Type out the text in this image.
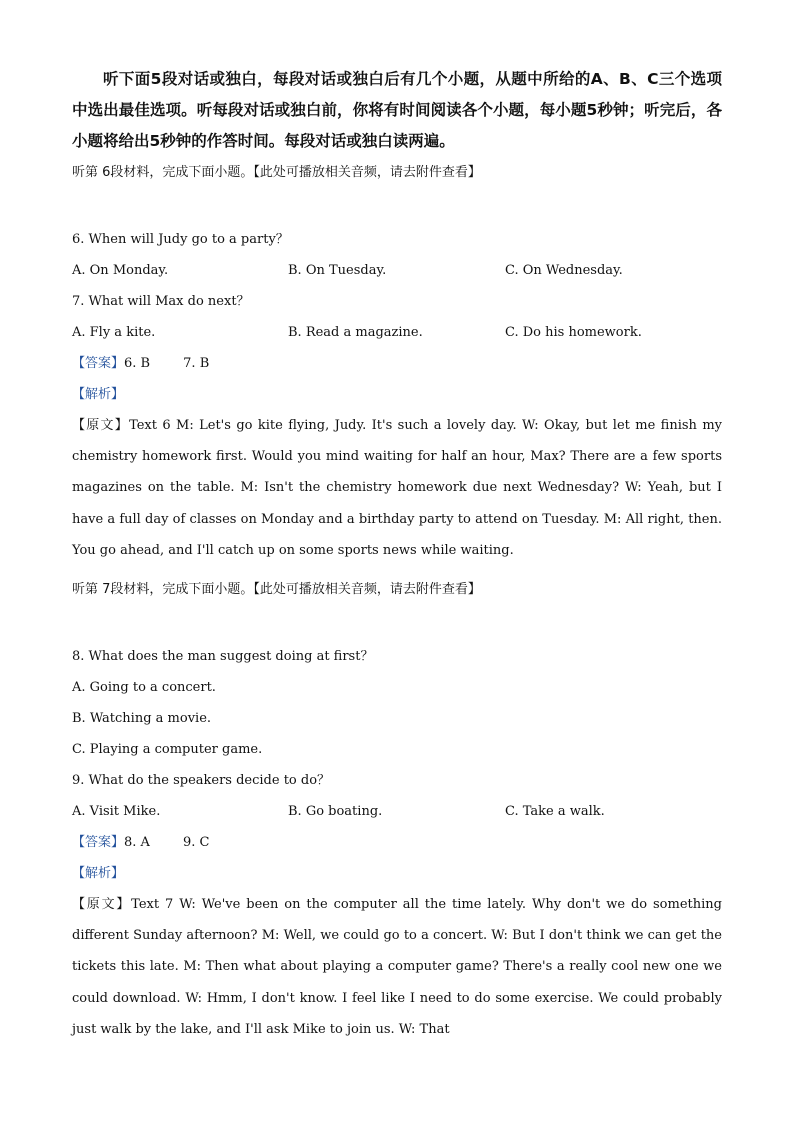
听下面5段对话或独白，每段对话或独白后有几个小题，从题中所给的A、B、C三个选项中选出最佳选项。听每段对话或独白前，你将有时间阅读各个小题，每小题5秒钟；听完后，各小题将给出5秒钟的作答时间。每段对话或独白读两遍。

听第 6段材料，完成下面小题。【此处可播放相关音频，请去附件查看】
6. When will Judy go to a party？
A. On Monday.	B. On Tuesday.	C. On Wednesday.
7. What will Max do next？
A. Fly a kite.	B. Read a magazine.	C. Do his homework.
【答案】6. B        7. B
【解析】

【原文】Text 6 M: Let's go kite flying, Judy. It's such a lovely day. W: Okay, but let me finish my chemistry homework first. Would you mind waiting for half an hour, Max? There are a few sports magazines on the table. M: Isn't the chemistry homework due next Wednesday? W: Yeah, but I have a full day of classes on Monday and a birthday party to attend on Tuesday. M: All right, then. You go ahead, and I'll catch up on some sports news while waiting.

听第 7段材料，完成下面小题。【此处可播放相关音频，请去附件查看】
8. What does the man suggest doing at first？
A. Going to a concert.
B. Watching a movie.
C. Playing a computer game.
9. What do the speakers decide to do？
A. Visit Mike.	B. Go boating.	C. Take a walk.
【答案】8. A        9. C
【解析】

【原文】Text 7 W: We've been on the computer all the time lately. Why don't we do something different Sunday afternoon? M: Well, we could go to a concert. W: But I don't think we can get the tickets this late. M: Then what about playing a computer game? There's a really cool new one we could download. W: Hmm, I don't know. I feel like I need to do some exercise. We could probably just walk by the lake, and I'll ask Mike to join us. W: That
